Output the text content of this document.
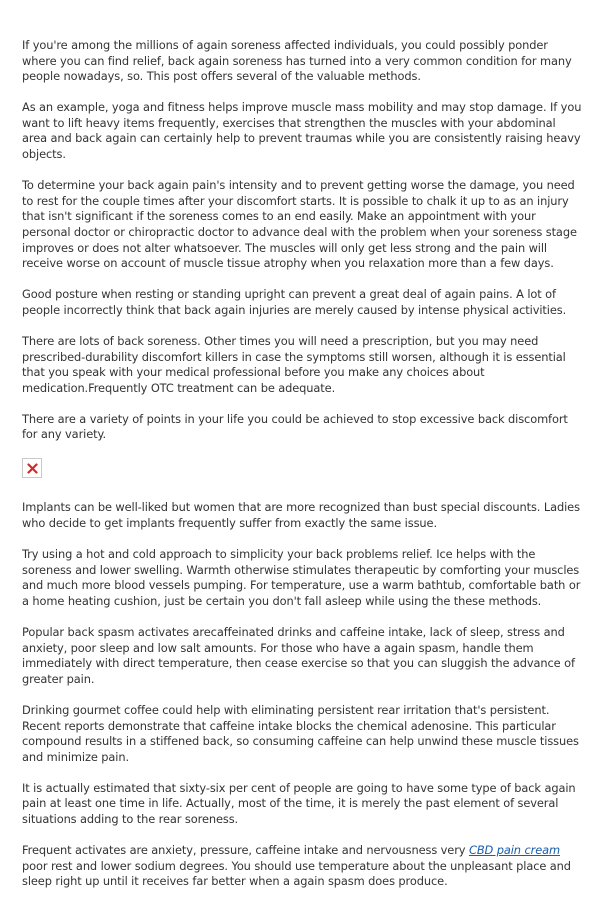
If you're among the millions of again soreness affected individuals, you could possibly ponder where you can find relief, back again soreness has turned into a very common condition for many people nowadays, so. This post offers several of the valuable methods.

As an example, yoga and fitness helps improve muscle mass mobility and may stop damage. If you want to lift heavy items frequently, exercises that strengthen the muscles with your abdominal area and back again can certainly help to prevent traumas while you are consistently raising heavy objects.

To determine your back again pain's intensity and to prevent getting worse the damage, you need to rest for the couple times after your discomfort starts. It is possible to chalk it up to as an injury that isn't significant if the soreness comes to an end easily. Make an appointment with your personal doctor or chiropractic doctor to advance deal with the problem when your soreness stage improves or does not alter whatsoever. The muscles will only get less strong and the pain will receive worse on account of muscle tissue atrophy when you relaxation more than a few days.

Good posture when resting or standing upright can prevent a great deal of again pains. A lot of people incorrectly think that back again injuries are merely caused by intense physical activities.

There are lots of back soreness. Other times you will need a prescription, but you may need prescribed-durability discomfort killers in case the symptoms still worsen, although it is essential that you speak with your medical professional before you make any choices about medication.Frequently OTC treatment can be adequate.

There are a variety of points in your life you could be achieved to stop excessive back discomfort for any variety.

Implants can be well-liked but women that are more recognized than bust special discounts. Ladies who decide to get implants frequently suffer from exactly the same issue.

Try using a hot and cold approach to simplicity your back problems relief. Ice helps with the soreness and lower swelling. Warmth otherwise stimulates therapeutic by comforting your muscles and much more blood vessels pumping. For temperature, use a warm bathtub, comfortable bath or a home heating cushion, just be certain you don't fall asleep while using the these methods.

Popular back spasm activates arecaffeinated drinks and caffeine intake, lack of sleep, stress and anxiety, poor sleep and low salt amounts. For those who have a again spasm, handle them immediately with direct temperature, then cease exercise so that you can sluggish the advance of greater pain.

Drinking gourmet coffee could help with eliminating persistent rear irritation that's persistent. Recent reports demonstrate that caffeine intake blocks the chemical adenosine. This particular compound results in a stiffened back, so consuming caffeine can help unwind these muscle tissues and minimize pain.

It is actually estimated that sixty-six per cent of people are going to have some type of back again pain at least one time in life. Actually, most of the time, it is merely the past element of several situations adding to the rear soreness.

Frequent activates are anxiety, pressure, caffeine intake and nervousness very CBD pain cream poor rest and lower sodium degrees. You should use temperature about the unpleasant place and sleep right up until it receives far better when a again spasm does produce.
